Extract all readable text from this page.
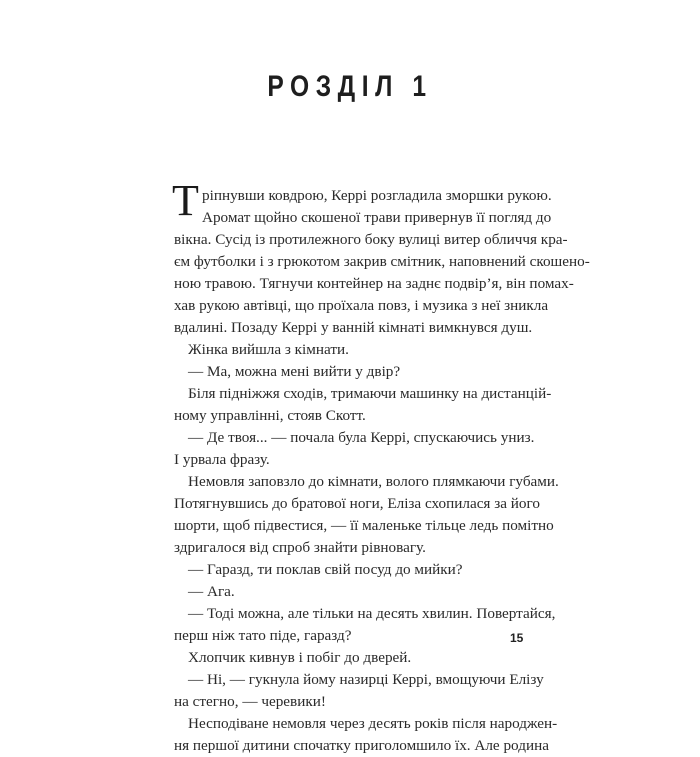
РОЗДІЛ 1
Т ріпнувши ковдрою, Керрі розгладила зморшки рукою.
Аромат щойно скошеної трави привернув її погляд до
вікна. Сусід із протилежного боку вулиці витер обличчя кра-
єм футболки і з грюкотом закрив смітник, наповнений скошено-
ною травою. Тягнучи контейнер на заднє подвір’я, він помах-
хав рукою автівці, що проїхала повз, і музика з неї зникла
вдалині. Позаду Керрі у ванній кімнаті вимкнувся душ.
Жінка вийшла з кімнати.
— Ма, можна мені вийти у двір?
Біля підніжжя сходів, тримаючи машинку на дистанцій-
ному управлінні, стояв Скотт.
— Де твоя... — почала була Керрі, спускаючись униз.
І урвала фразу.
Немовля заповзло до кімнати, волого плямкаючи губами.
Потягнувшись до братової ноги, Еліза схопилася за його
шорти, щоб підвестися, — її маленьке тільце ледь помітно
здригалося від спроб знайти рівновагу.
— Гаразд, ти поклав свій посуд до мийки?
— Ага.
— Тоді можна, але тільки на десять хвилин. Повертайся,
перш ніж тато піде, гаразд?
Хлопчик кивнув і побіг до дверей.
— Ні, — гукнула йому назирці Керрі, вмощуючи Елізу
на стегно, — черевики!
Несподіване немовля через десять років після народжен-
ня першої дитини спочатку приголомшило їх. Але родина
15
